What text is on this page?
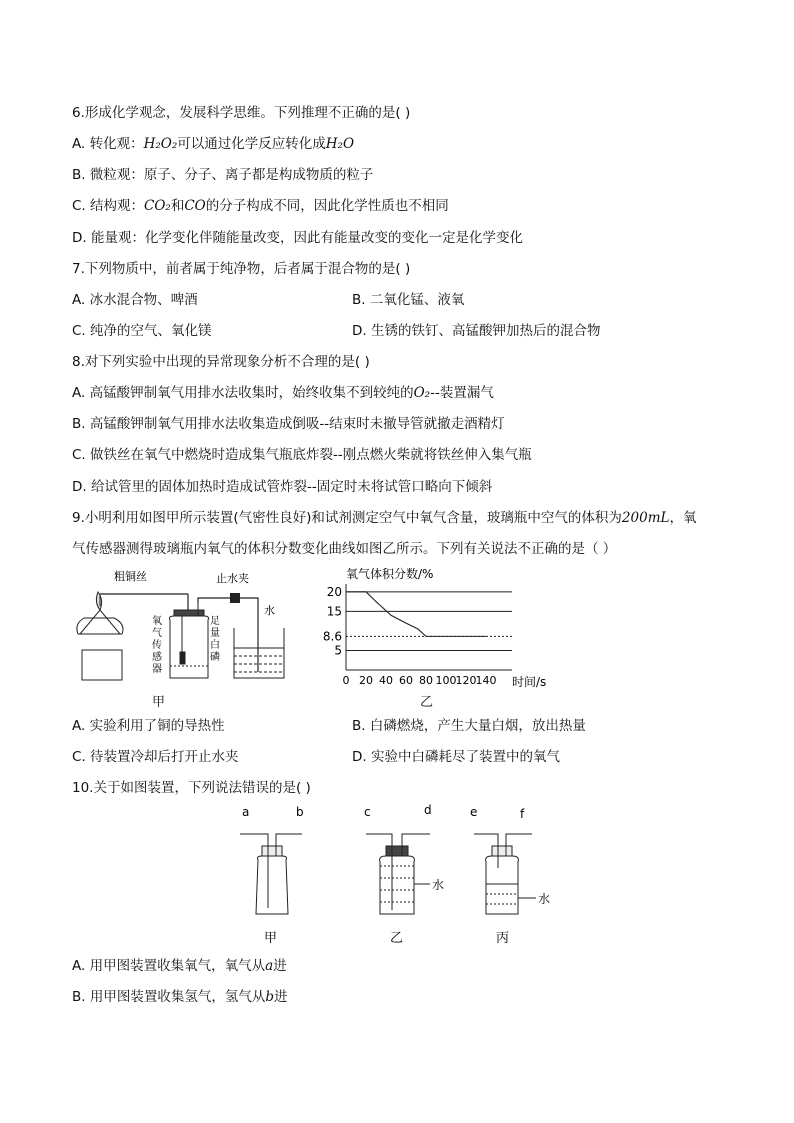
6.形成化学观念，发展科学思维。下列推理不正确的是( )
A. 转化观：H₂O₂可以通过化学反应转化成H₂O
B. 微粒观：原子、分子、离子都是构成物质的粒子
C. 结构观：CO₂和CO的分子构成不同，因此化学性质也不相同
D. 能量观：化学变化伴随能量改变，因此有能量改变的变化一定是化学变化
7.下列物质中，前者属于纯净物，后者属于混合物的是( )
A. 冰水混合物、啤酒	B. 二氧化锰、液氧
C. 纯净的空气、氧化镁	D. 生锈的铁钉、高锰酸钾加热后的混合物
8.对下列实验中出现的异常现象分析不合理的是( )
A. 高锰酸钾制氧气用排水法收集时，始终收集不到较纯的O₂--装置漏气
B. 高锰酸钾制氧气用排水法收集造成倒吸--结束时未撤导管就撤走酒精灯
C. 做铁丝在氧气中燃烧时造成集气瓶底炸裂--刚点燃火柴就将铁丝伸入集气瓶
D. 给试管里的固体加热时造成试管炸裂--固定时未将试管口略向下倾斜
9.小明利用如图甲所示装置(气密性良好)和试剂测定空气中氧气含量，玻璃瓶中空气的体积为200mL，氧
气传感器测得玻璃瓶内氧气的体积分数变化曲线如图乙所示。下列有关说法不正确的是（ ）
粗铜丝	止水夹
水
氧
气
传
感
器
足
量
白
磷
甲
氧气体积分数/%
时间/s
20
15
8.6
5
0 20 40 60 80 100 120 140
乙
A. 实验利用了铜的导热性	B. 白磷燃烧，产生大量白烟，放出热量
C. 待装置冷却后打开止水夹	D. 实验中白磷耗尽了装置中的氧气
10.关于如图装置，下列说法错误的是( )
a	b	c	d	e	f
水
水
甲	乙	丙
A. 用甲图装置收集氧气，氧气从a进
B. 用甲图装置收集氢气，氢气从b进
